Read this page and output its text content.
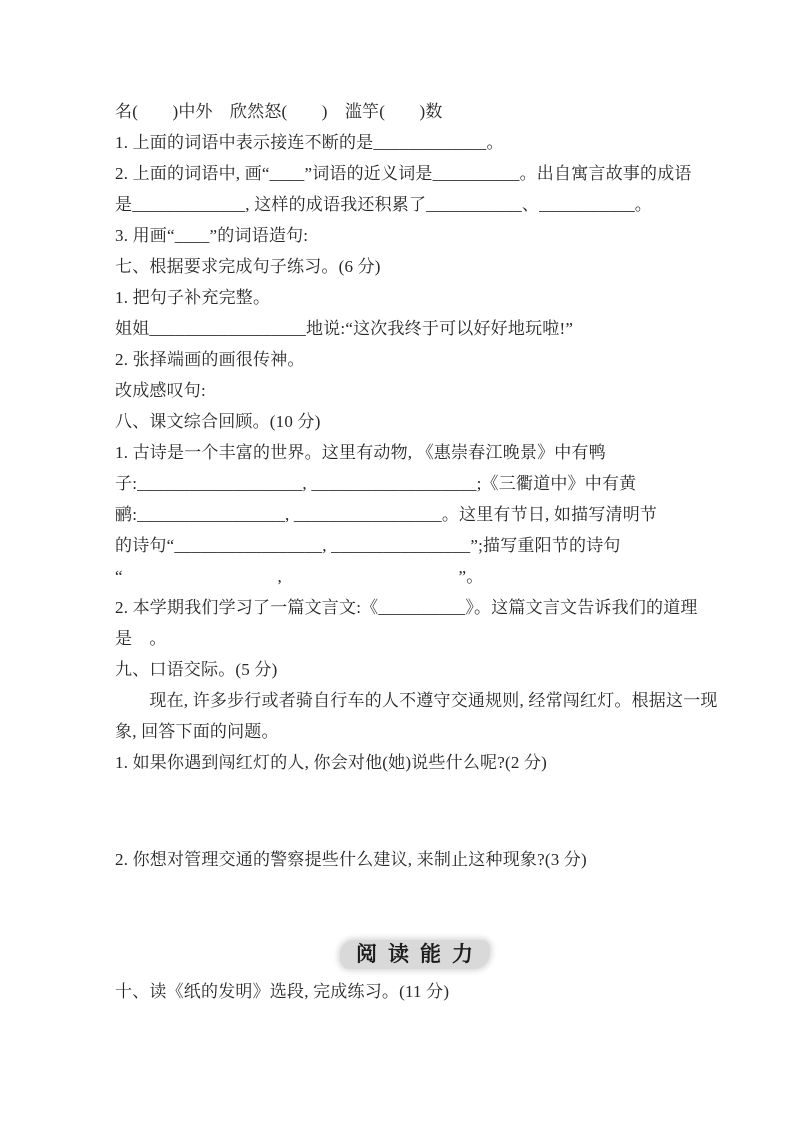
名(　　)中外　欣然怒(　　)　滥竽(　　)数
1. 上面的词语中表示接连不断的是_____________。
2. 上面的词语中, 画“____”词语的近义词是__________。出自寓言故事的成语
是_____________, 这样的成语我还积累了___________、___________。
3. 用画“____”的词语造句:
七、根据要求完成句子练习。(6 分)
1. 把句子补充完整。
姐姐__________________地说:“这次我终于可以好好地玩啦!”
2. 张择端画的画很传神。
改成感叹句:
八、课文综合回顾。(10 分)
1. 古诗是一个丰富的世界。这里有动物, 《惠崇春江晚景》中有鸭
子:___________________, ___________________;《三衢道中》中有黄
鹂:_________________, _________________。这里有节日, 如描写清明节
的诗句“_________________, ________________”;描写重阳节的诗句
“　　　　　　　　　, 　　　　　　　　　　”。
2. 本学期我们学习了一篇文言文:《__________》。这篇文言文告诉我们的道理
是　。
九、口语交际。(5 分)
　　现在, 许多步行或者骑自行车的人不遵守交通规则, 经常闯红灯。根据这一现
象, 回答下面的问题。
1. 如果你遇到闯红灯的人, 你会对他(她)说些什么呢?(2 分)
2. 你想对管理交通的警察提些什么建议, 来制止这种现象?(3 分)
阅读能力
十、读《纸的发明》选段, 完成练习。(11 分)
